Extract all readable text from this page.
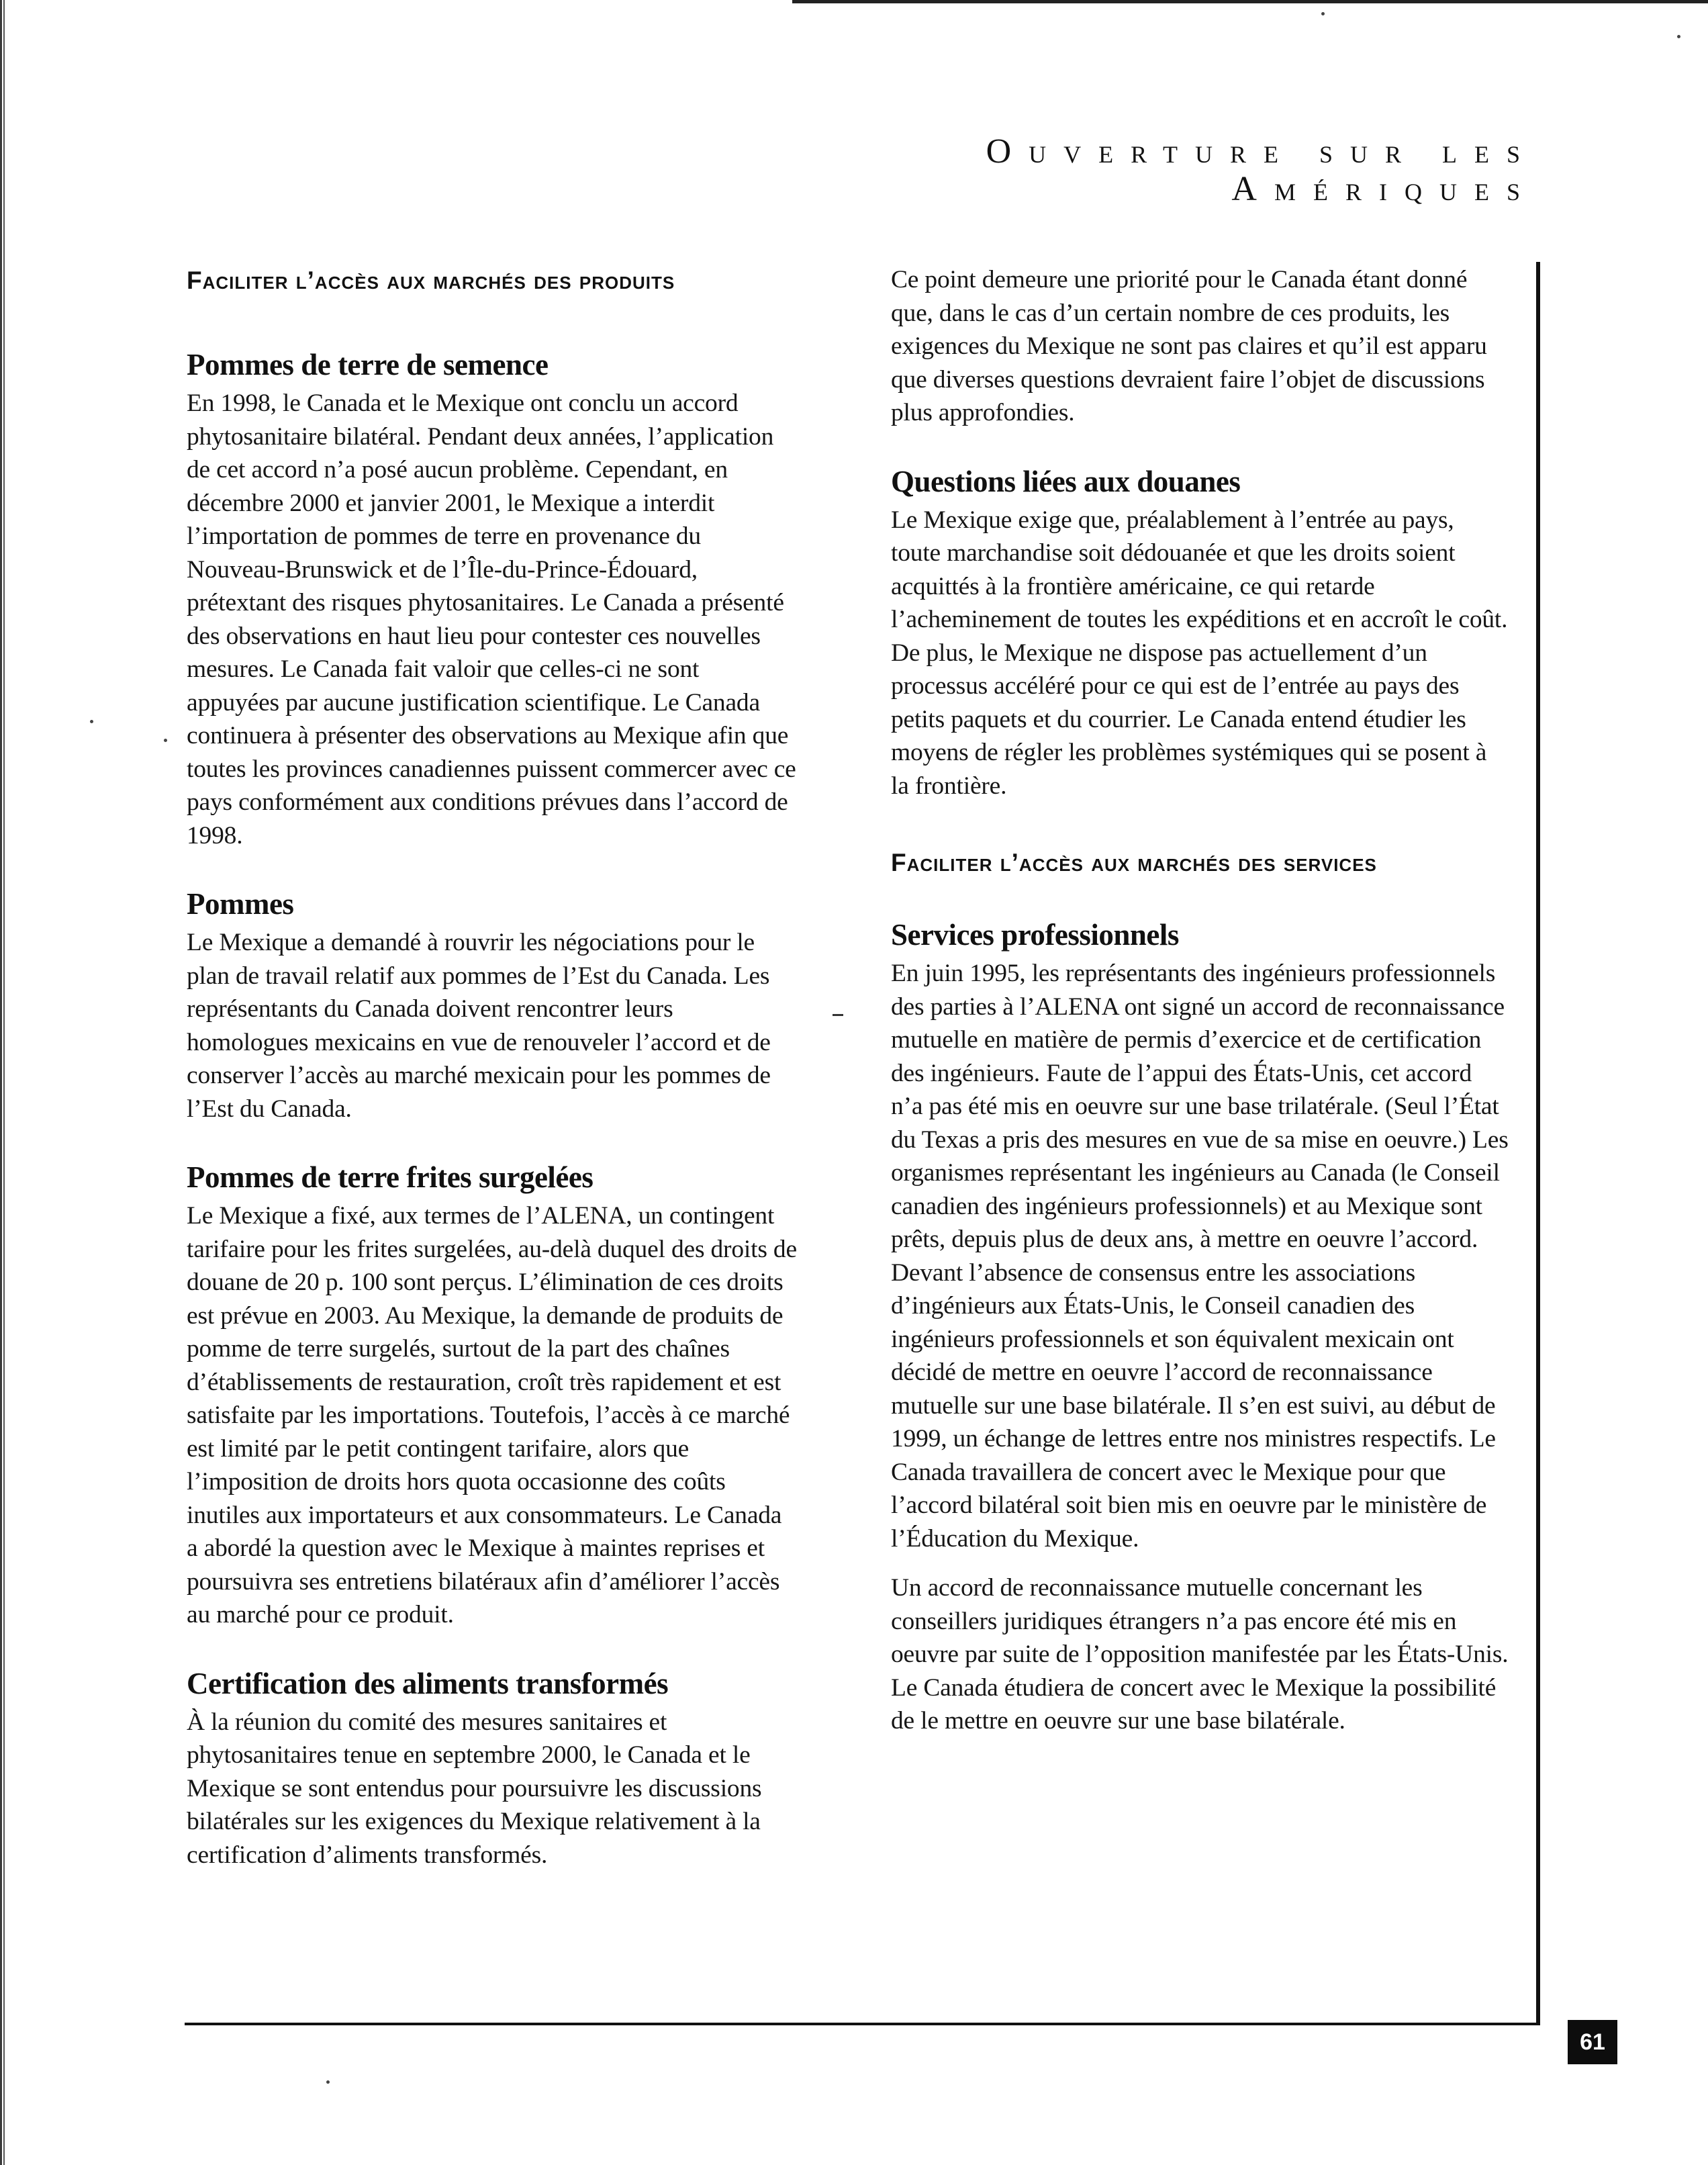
OUVERTURE SUR LES
AMÉRIQUES
Faciliter l’accès aux marchés des produits
Pommes de terre de semence

En 1998, le Canada et le Mexique ont conclu un accord phytosanitaire bilatéral. Pendant deux années, l’application de cet accord n’a posé aucun problème. Cependant, en décembre 2000 et janvier 2001, le Mexique a interdit l’importation de pommes de terre en provenance du Nouveau-Brunswick et de l’Île-du-Prince-Édouard, prétextant des risques phytosanitaires. Le Canada a présenté des observations en haut lieu pour contester ces nouvelles mesures. Le Canada fait valoir que celles-ci ne sont appuyées par aucune justification scientifique. Le Canada continuera à présenter des observations au Mexique afin que toutes les provinces canadiennes puissent commercer avec ce pays conformément aux conditions prévues dans l’accord de 1998.

Pommes

Le Mexique a demandé à rouvrir les négociations pour le plan de travail relatif aux pommes de l’Est du Canada. Les représentants du Canada doivent rencontrer leurs homologues mexicains en vue de renouveler l’accord et de conserver l’accès au marché mexicain pour les pommes de l’Est du Canada.

Pommes de terre frites surgelées

Le Mexique a fixé, aux termes de l’ALENA, un contingent tarifaire pour les frites surgelées, au-delà duquel des droits de douane de 20 p. 100 sont perçus. L’élimination de ces droits est prévue en 2003. Au Mexique, la demande de produits de pomme de terre surgelés, surtout de la part des chaînes d’établissements de restauration, croît très rapidement et est satisfaite par les importations. Toutefois, l’accès à ce marché est limité par le petit contingent tarifaire, alors que l’imposition de droits hors quota occasionne des coûts inutiles aux importateurs et aux consommateurs. Le Canada a abordé la question avec le Mexique à maintes reprises et poursuivra ses entretiens bilatéraux afin d’améliorer l’accès au marché pour ce produit.

Certification des aliments transformés

À la réunion du comité des mesures sanitaires et phytosanitaires tenue en septembre 2000, le Canada et le Mexique se sont entendus pour poursuivre les discussions bilatérales sur les exigences du Mexique relativement à la certification d’aliments transformés.

Ce point demeure une priorité pour le Canada étant donné que, dans le cas d’un certain nombre de ces produits, les exigences du Mexique ne sont pas claires et qu’il est apparu que diverses questions devraient faire l’objet de discussions plus approfondies.

Questions liées aux douanes

Le Mexique exige que, préalablement à l’entrée au pays, toute marchandise soit dédouanée et que les droits soient acquittés à la frontière américaine, ce qui retarde l’acheminement de toutes les expéditions et en accroît le coût. De plus, le Mexique ne dispose pas actuellement d’un processus accéléré pour ce qui est de l’entrée au pays des petits paquets et du courrier. Le Canada entend étudier les moyens de régler les problèmes systémiques qui se posent à la frontière.

Faciliter l’accès aux marchés des services
Services professionnels

En juin 1995, les représentants des ingénieurs professionnels des parties à l’ALENA ont signé un accord de reconnaissance mutuelle en matière de permis d’exercice et de certification des ingénieurs. Faute de l’appui des États-Unis, cet accord n’a pas été mis en oeuvre sur une base trilatérale. (Seul l’État du Texas a pris des mesures en vue de sa mise en oeuvre.) Les organismes représentant les ingénieurs au Canada (le Conseil canadien des ingénieurs professionnels) et au Mexique sont prêts, depuis plus de deux ans, à mettre en oeuvre l’accord. Devant l’absence de consensus entre les associations d’ingénieurs aux États-Unis, le Conseil canadien des ingénieurs professionnels et son équivalent mexicain ont décidé de mettre en oeuvre l’accord de reconnaissance mutuelle sur une base bilatérale. Il s’en est suivi, au début de 1999, un échange de lettres entre nos ministres respectifs. Le Canada travaillera de concert avec le Mexique pour que l’accord bilatéral soit bien mis en oeuvre par le ministère de l’Éducation du Mexique.

Un accord de reconnaissance mutuelle concernant les conseillers juridiques étrangers n’a pas encore été mis en oeuvre par suite de l’opposition manifestée par les États-Unis. Le Canada étudiera de concert avec le Mexique la possibilité de le mettre en oeuvre sur une base bilatérale.

61
